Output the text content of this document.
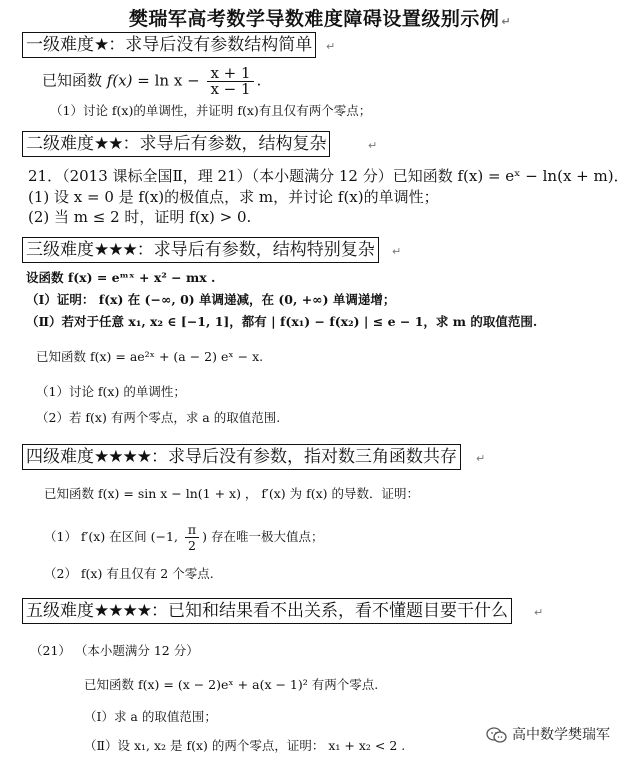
樊瑞军高考数学导数难度障碍设置级别示例 ↵
一级难度★：求导后没有参数结构简单	↵
已知函数 $f(x) = \ln x - \frac{x + 1}{x - 1}$ .
（1）讨论 f(x)的单调性，并证明 f(x)有且仅有两个零点；
二级难度★★：求导后有参数，结构复杂	↵
21．（2013 课标全国Ⅱ，理 21）（本小题满分 12 分）已知函数 f(x) = eˣ − ln(x + m)．
(1) 设 x = 0 是 f(x)的极值点，求 m，并讨论 f(x)的单调性；
(2) 当 m ≤ 2 时，证明 f(x) > 0.
三级难度★★★：求导后有参数，结构特别复杂	↵
设函数 f(x) = eᵐˣ + x² − mx .
（Ⅰ）证明： f(x) 在 (−∞, 0) 单调递减，在 (0, +∞) 单调递增；
（Ⅱ）若对于任意 x₁, x₂ ∈ [−1, 1]，都有 | f(x₁) − f(x₂) | ≤ e − 1，求 m 的取值范围.
已知函数 f(x) = ae²ˣ + (a − 2) eˣ − x.
（1）讨论 f(x) 的单调性；
（2）若 f(x) 有两个零点，求 a 的取值范围.
四级难度★★★★：求导后没有参数，指对数三角函数共存	↵
已知函数 f(x) = sin x − ln(1 + x) ， f′(x) 为 f(x) 的导数．证明：
（1） f′(x) 在区间 (−1, $\frac{\pi}{2}$ ) 存在唯一极大值点；
（2） f(x) 有且仅有 2 个零点.
五级难度★★★★：已知和结果看不出关系，看不懂题目要干什么	↵
（21） （本小题满分 12 分）
已知函数 f(x) = (x − 2)eˣ + a(x − 1)² 有两个零点.
（Ⅰ）求 a 的取值范围；
（Ⅱ）设 x₁, x₂ 是 f(x) 的两个零点，证明： x₁ + x₂ < 2 .
高中数学樊瑞军
